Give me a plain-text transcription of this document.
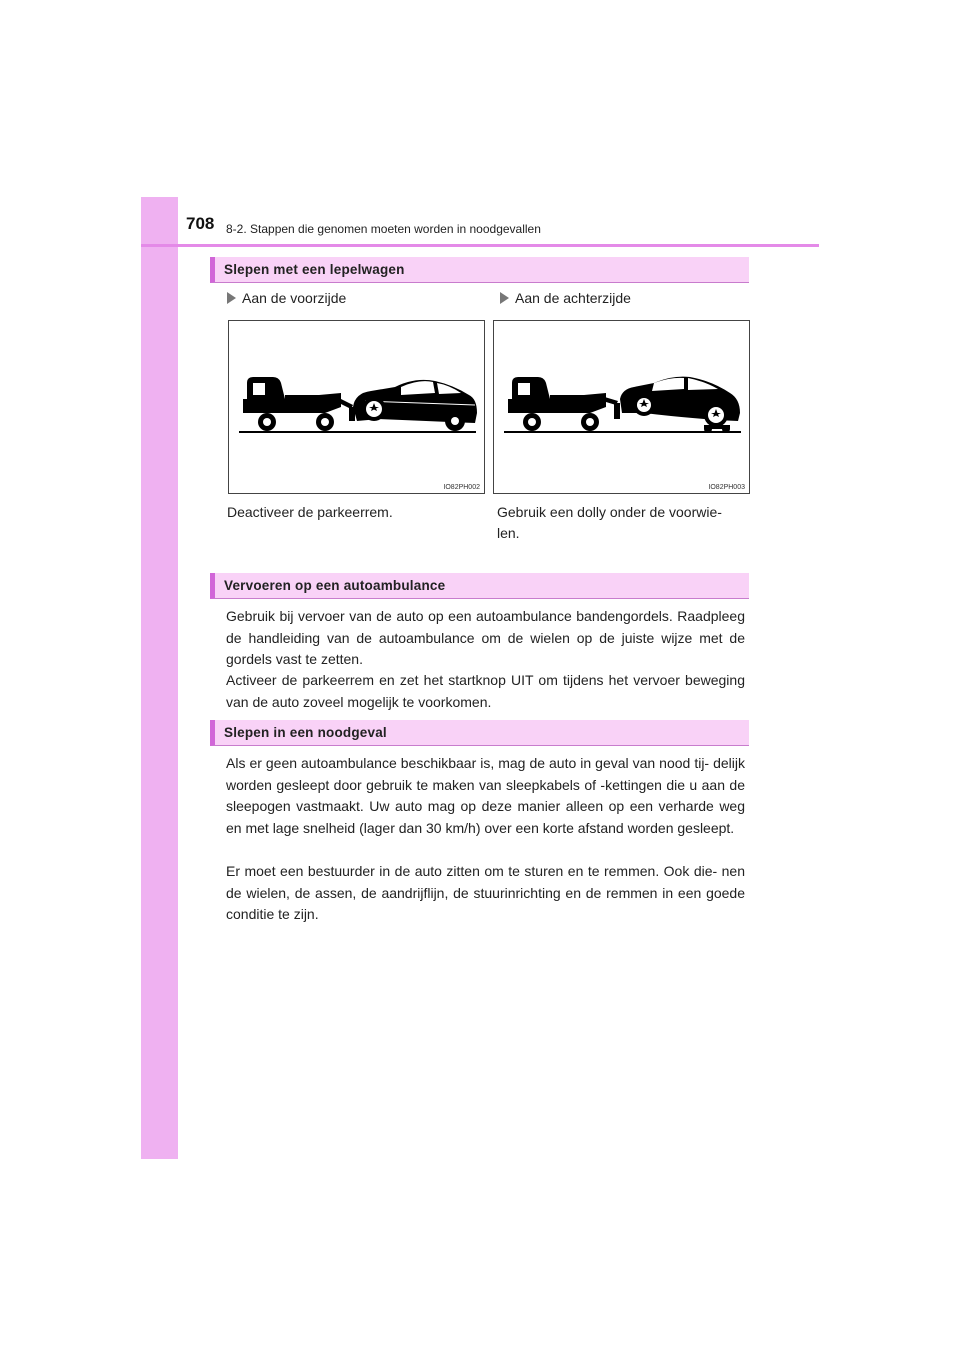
708 8-2. Stappen die genomen moeten worden in noodgevallen
Slepen met een lepelwagen
Aan de voorzijde	Aan de achterzijde
IO82PH002	IO82PH003
Deactiveer de parkeerrem.	Gebruik een dolly onder de voorwie-
len.
Vervoeren op een autoambulance

Gebruik bij vervoer van de auto op een autoambulance bandengordels. Raadpleeg de handleiding van de autoambulance om de wielen op de juiste wijze met de gordels vast te zetten.

Activeer de parkeerrem en zet het startknop UIT om tijdens het vervoer beweging van de auto zoveel mogelijk te voorkomen.

Slepen in een noodgeval

Als er geen autoambulance beschikbaar is, mag de auto in geval van nood tij- delijk worden gesleept door gebruik te maken van sleepkabels of -kettingen die u aan de sleepogen vastmaakt. Uw auto mag op deze manier alleen op een verharde weg en met lage snelheid (lager dan 30 km/h) over een korte afstand worden gesleept.

Er moet een bestuurder in de auto zitten om te sturen en te remmen. Ook die- nen de wielen, de assen, de aandrijflijn, de stuurinrichting en de remmen in een goede conditie te zijn.
